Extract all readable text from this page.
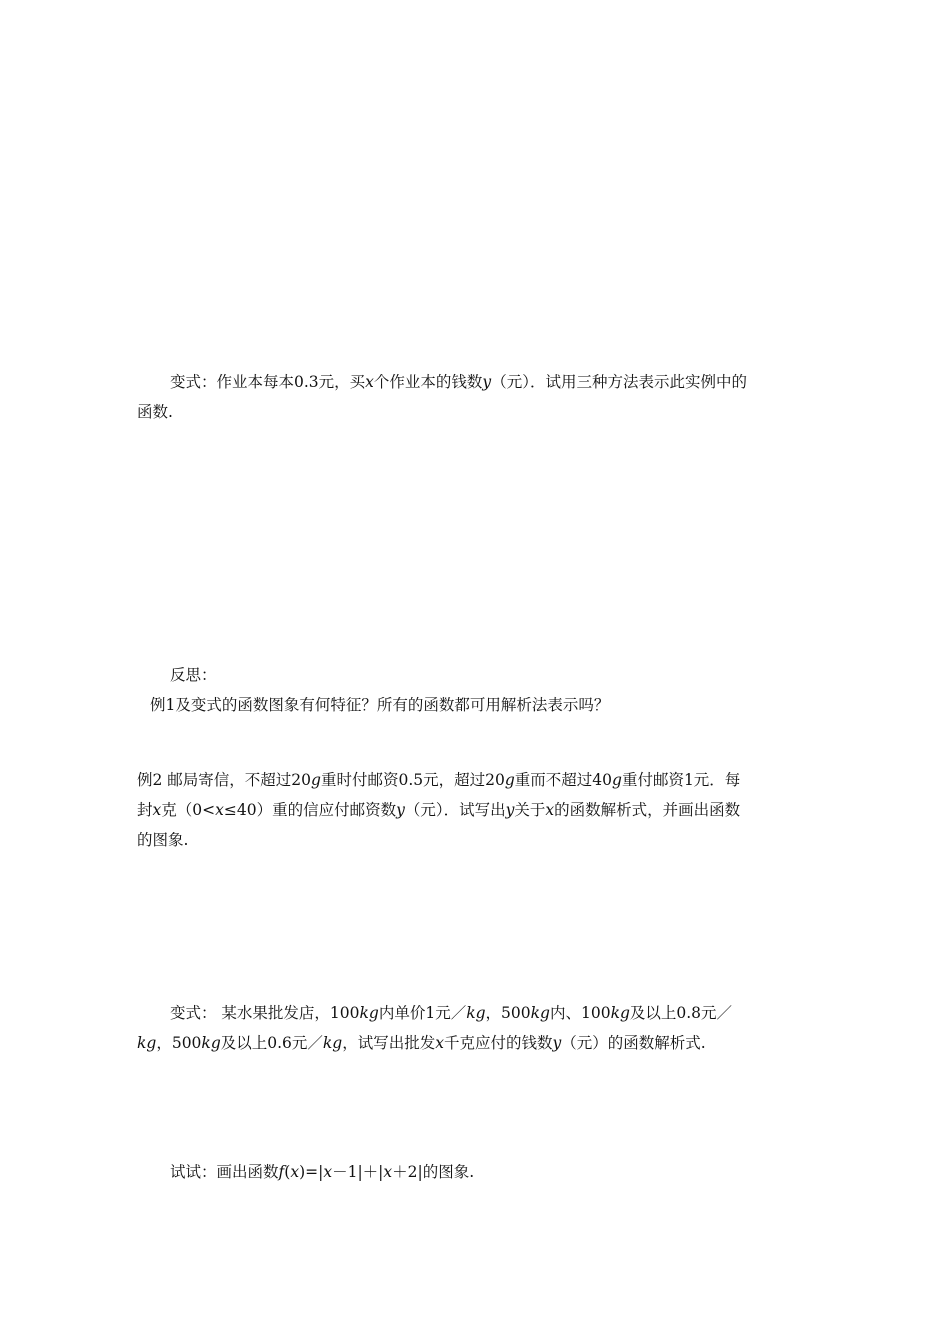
变式：作业本每本0.3元，买x个作业本的钱数y（元）．试用三种方法表示此实例中的
函数.
反思：
例1及变式的函数图象有何特征？所有的函数都可用解析法表示吗？
例2 邮局寄信，不超过20g重时付邮资0.5元，超过20g重而不超过40g重付邮资1元．每
封x克（0<x≤40）重的信应付邮资数y（元）．试写出y关于x的函数解析式，并画出函数
的图象.
变式： 某水果批发店，100kg内单价1元／kg，500kg内、100kg及以上0.8元／
kg，500kg及以上0.6元／kg，试写出批发x千克应付的钱数y（元）的函数解析式.
试试：画出函数f(x)=|x－1|＋|x＋2|的图象.
